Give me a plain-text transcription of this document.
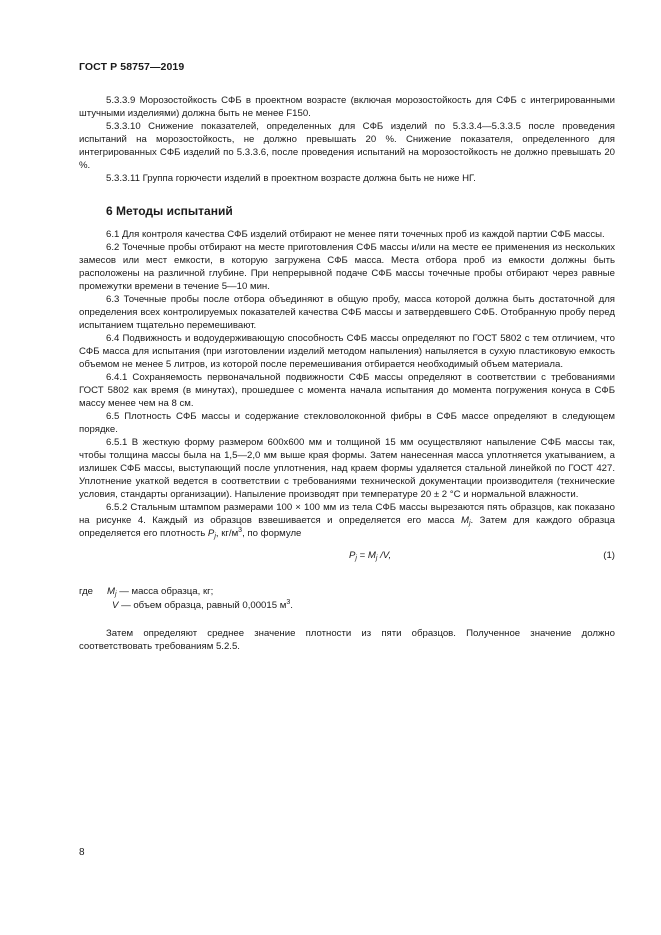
ГОСТ Р 58757—2019

5.3.3.9 Морозостойкость СФБ в проектном возрасте (включая морозостойкость для СФБ с интегрированными штучными изделиями) должна быть не менее F150.

5.3.3.10 Снижение показателей, определенных для СФБ изделий по 5.3.3.4—5.3.3.5 после проведения испытаний на морозостойкость, не должно превышать 20 %. Снижение показателя, определенного для интегрированных СФБ изделий по 5.3.3.6, после проведения испытаний на морозостойкость не должно превышать 20 %.

5.3.3.11 Группа горючести изделий в проектном возрасте должна быть не ниже НГ.

6 Методы испытаний

6.1 Для контроля качества СФБ изделий отбирают не менее пяти точечных проб из каждой партии СФБ массы.

6.2 Точечные пробы отбирают на месте приготовления СФБ массы и/или на месте ее применения из нескольких замесов или мест емкости, в которую загружена СФБ масса. Места отбора проб из емкости должны быть расположены на различной глубине. При непрерывной подаче СФБ массы точечные пробы отбирают через равные промежутки времени в течение 5—10 мин.

6.3 Точечные пробы после отбора объединяют в общую пробу, масса которой должна быть достаточной для определения всех контролируемых показателей качества СФБ массы и затвердевшего СФБ. Отобранную пробу перед испытанием тщательно перемешивают.

6.4 Подвижность и водоудерживающую способность СФБ массы определяют по ГОСТ 5802 с тем отличием, что СФБ масса для испытания (при изготовлении изделий методом напыления) напыляется в сухую пластиковую емкость объемом не менее 5 литров, из которой после перемешивания отбирается необходимый объем материала.

6.4.1 Сохраняемость первоначальной подвижности СФБ массы определяют в соответствии с требованиями ГОСТ 5802 как время (в минутах), прошедшее с момента начала испытания до момента погружения конуса в СФБ массу менее чем на 8 см.

6.5 Плотность СФБ массы и содержание стекловолоконной фибры в СФБ массе определяют в следующем порядке.

6.5.1 В жесткую форму размером 600х600 мм и толщиной 15 мм осуществляют напыление СФБ массы так, чтобы толщина массы была на 1,5—2,0 мм выше края формы. Затем нанесенная масса уплотняется укатыванием, а излишек СФБ массы, выступающий после уплотнения, над краем формы удаляется стальной линейкой по ГОСТ 427. Уплотнение укаткой ведется в соответствии с требованиями технической документации производителя (технические условия, стандарты организации). Напыление производят при температуре 20 ± 2 °С и нормальной влажности.

6.5.2 Стальным штампом размерами 100 × 100 мм из тела СФБ массы вырезаются пять образцов, как показано на рисунке 4. Каждый из образцов взвешивается и определяется его масса $M_j$. Затем для каждого образца определяется его плотность $P_j$, $кг/м^3$, по формуле

$P_j = M_j$ /V,	(1)
где $M_j$ — масса образца, кг;
V — объем образца, равный 0,00015 $м^3$.

Затем определяют среднее значение плотности из пяти образцов. Полученное значение должно соответствовать требованиям 5.2.5.

8
